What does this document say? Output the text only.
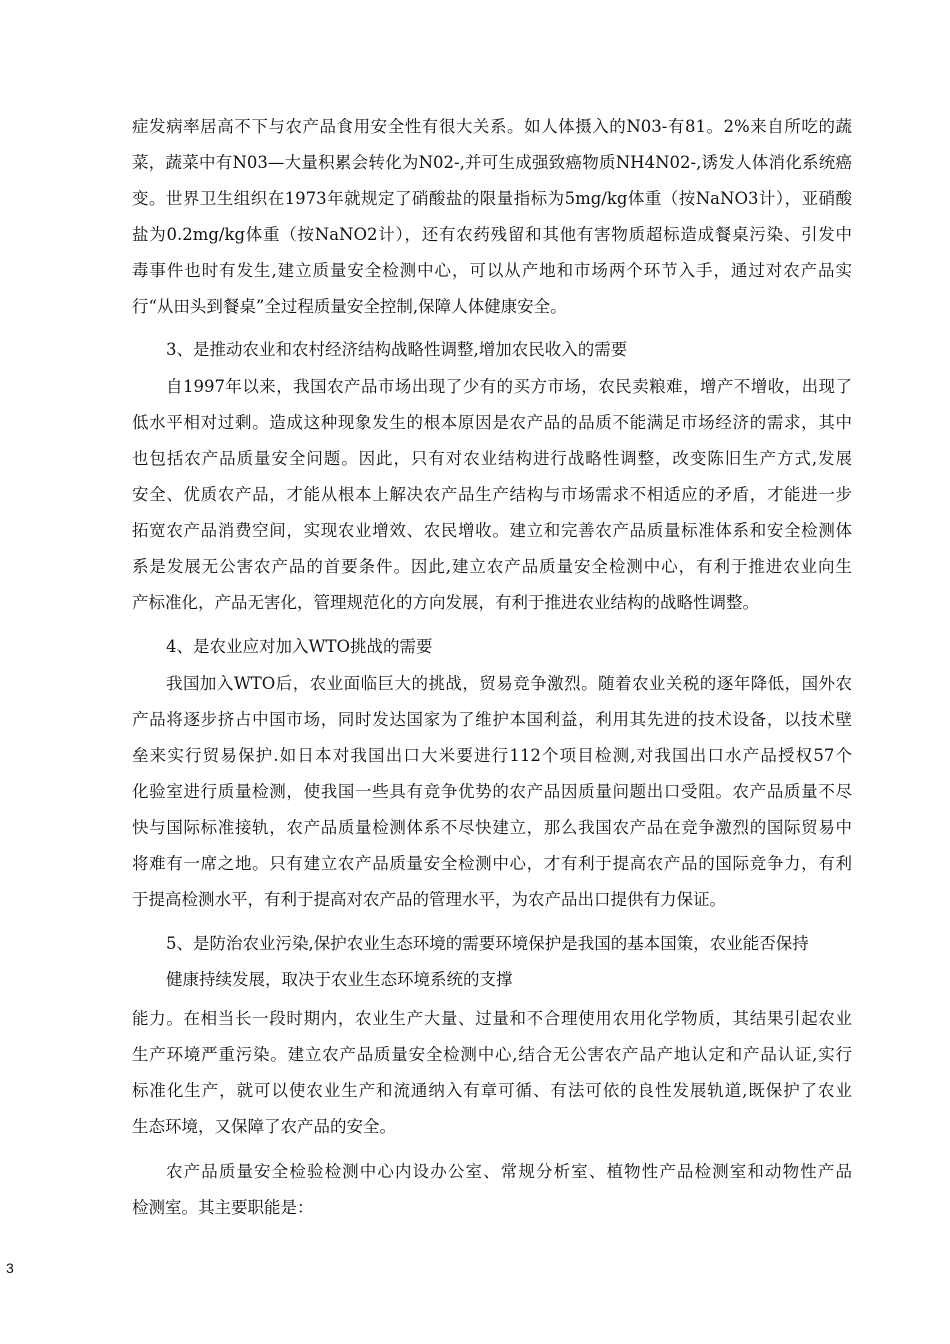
症发病率居高不下与农产品食用安全性有很大关系。如人体摄入的N03-有81。2%来自所吃的蔬
菜，蔬菜中有N03—大量积累会转化为N02-,并可生成强致癌物质NH4N02-,诱发人体消化系统癌
变。世界卫生组织在1973年就规定了硝酸盐的限量指标为5mg/kg体重（按NaNO3计），亚硝酸
盐为0.2mg/kg体重（按NaNO2计），还有农药残留和其他有害物质超标造成餐桌污染、引发中
毒事件也时有发生,建立质量安全检测中心，可以从产地和市场两个环节入手，通过对农产品实
行“从田头到餐桌”全过程质量安全控制,保障人体健康安全。
3、是推动农业和农村经济结构战略性调整,增加农民收入的需要
自1997年以来，我国农产品市场出现了少有的买方市场，农民卖粮难，增产不增收，出现了
低水平相对过剩。造成这种现象发生的根本原因是农产品的品质不能满足市场经济的需求，其中
也包括农产品质量安全问题。因此，只有对农业结构进行战略性调整，改变陈旧生产方式,发展
安全、优质农产品，才能从根本上解决农产品生产结构与市场需求不相适应的矛盾，才能进一步
拓宽农产品消费空间，实现农业增效、农民增收。建立和完善农产品质量标准体系和安全检测体
系是发展无公害农产品的首要条件。因此,建立农产品质量安全检测中心，有利于推进农业向生
产标准化，产品无害化，管理规范化的方向发展，有利于推进农业结构的战略性调整。
4、是农业应对加入WTO挑战的需要
我国加入WTO后，农业面临巨大的挑战，贸易竞争激烈。随着农业关税的逐年降低，国外农
产品将逐步挤占中国市场，同时发达国家为了维护本国利益，利用其先进的技术设备，以技术壁
垒来实行贸易保护.如日本对我国出口大米要进行112个项目检测,对我国出口水产品授权57个
化验室进行质量检测，使我国一些具有竞争优势的农产品因质量问题出口受阻。农产品质量不尽
快与国际标准接轨，农产品质量检测体系不尽快建立，那么我国农产品在竞争激烈的国际贸易中
将难有一席之地。只有建立农产品质量安全检测中心，才有利于提高农产品的国际竞争力，有利
于提高检测水平，有利于提高对农产品的管理水平，为农产品出口提供有力保证。
5、是防治农业污染,保护农业生态环境的需要环境保护是我国的基本国策，农业能否保持
健康持续发展，取决于农业生态环境系统的支撑
能力。在相当长一段时期内，农业生产大量、过量和不合理使用农用化学物质，其结果引起农业
生产环境严重污染。建立农产品质量安全检测中心,结合无公害农产品产地认定和产品认证,实行
标准化生产，就可以使农业生产和流通纳入有章可循、有法可依的良性发展轨道,既保护了农业
生态环境，又保障了农产品的安全。
农产品质量安全检验检测中心内设办公室、常规分析室、植物性产品检测室和动物性产品
检测室。其主要职能是：
3
